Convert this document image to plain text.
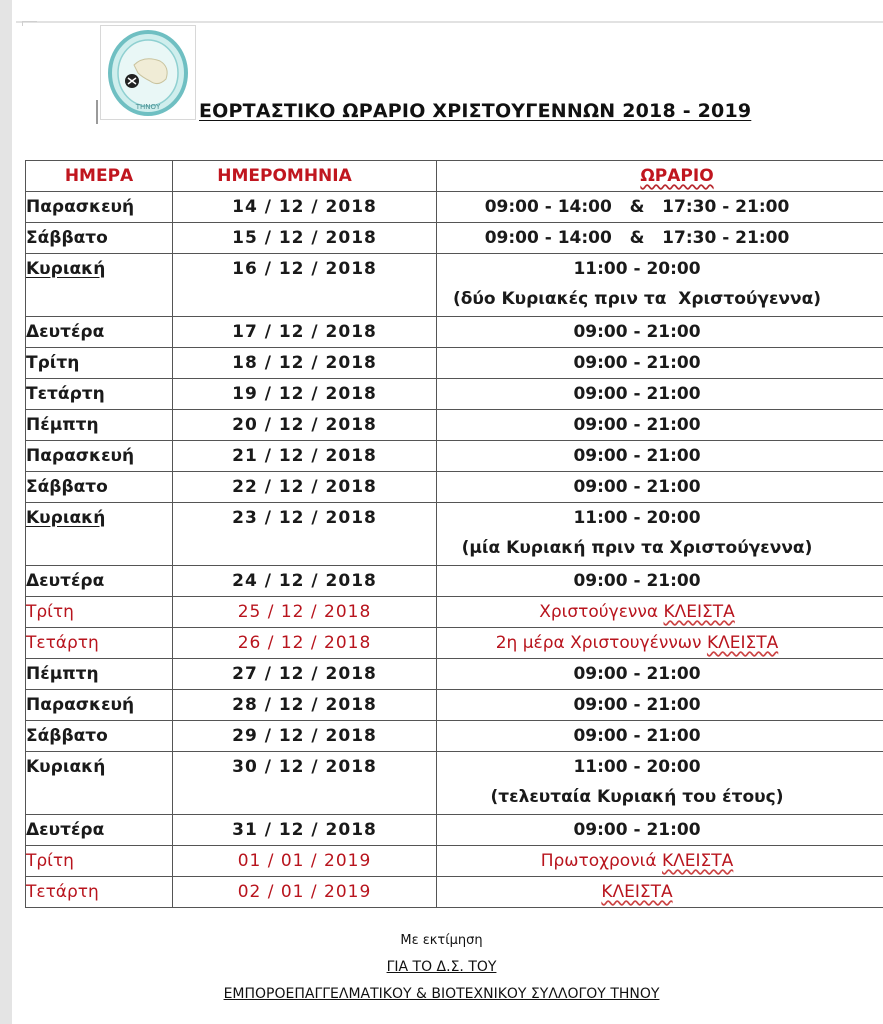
ΤΗΝΟΥ ΕΟΡΤΑΣΤΙΚΟ ΩΡΑΡΙΟ ΧΡΙΣΤΟΥΓΕΝΝΩΝ 2018 - 2019
ΗΜΕΡΑ	ΗΜΕΡΟΜΗΝΙΑ	ΩΡΑΡΙΟ

Παρασκευή	14 / 12 / 2018	09:00 - 14:00   &   17:30 - 21:00

Σάββατο	15 / 12 / 2018	09:00 - 14:00   &   17:30 - 21:00

Κυριακή	16 / 12 / 2018	11:00 - 20:00
(δύο Κυριακές πριν τα  Χριστούγεννα)

Δευτέρα	17 / 12 / 2018	09:00 - 21:00

Τρίτη	18 / 12 / 2018	09:00 - 21:00

Τετάρτη	19 / 12 / 2018	09:00 - 21:00

Πέμπτη	20 / 12 / 2018	09:00 - 21:00

Παρασκευή	21 / 12 / 2018	09:00 - 21:00

Σάββατο	22 / 12 / 2018	09:00 - 21:00

Κυριακή	23 / 12 / 2018	11:00 - 20:00
(μία Κυριακή πριν τα Χριστούγεννα)

Δευτέρα	24 / 12 / 2018	09:00 - 21:00

Τρίτη	25 / 12 / 2018	Χριστούγεννα ΚΛΕΙΣΤΑ

Τετάρτη	26 / 12 / 2018	2η μέρα Χριστουγέννων ΚΛΕΙΣΤΑ

Πέμπτη	27 / 12 / 2018	09:00 - 21:00

Παρασκευή	28 / 12 / 2018	09:00 - 21:00

Σάββατο	29 / 12 / 2018	09:00 - 21:00

Κυριακή	30 / 12 / 2018	11:00 - 20:00
(τελευταία Κυριακή του έτους)

Δευτέρα	31 / 12 / 2018	09:00 - 21:00

Τρίτη	01 / 01 / 2019	Πρωτοχρονιά ΚΛΕΙΣΤΑ

Τετάρτη	02 / 01 / 2019	ΚΛΕΙΣΤΑ
Με εκτίμηση
ΓΙΑ ΤΟ Δ.Σ. ΤΟΥ
ΕΜΠΟΡΟΕΠΑΓΓΕΛΜΑΤΙΚΟΥ & ΒΙΟΤΕΧΝΙΚΟΥ ΣΥΛΛΟΓΟΥ ΤΗΝΟΥ
